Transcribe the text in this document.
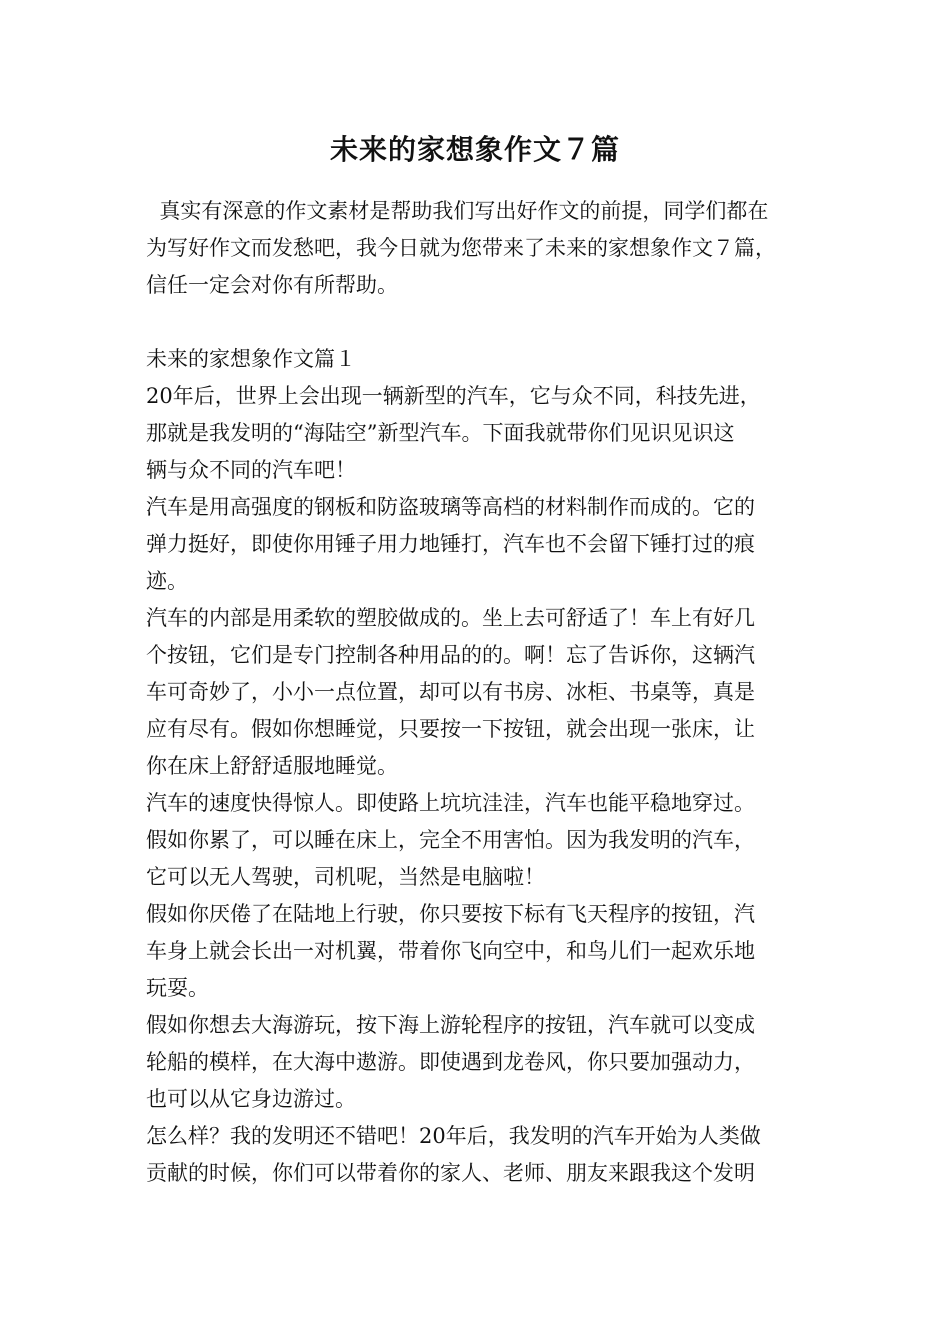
未来的家想象作文７篇
真实有深意的作文素材是帮助我们写出好作文的前提，同学们都在
为写好作文而发愁吧，我今日就为您带来了未来的家想象作文７篇，
信任一定会对你有所帮助。
未来的家想象作文篇１
20年后，世界上会出现一辆新型的汽车，它与众不同，科技先进，
那就是我发明的“海陆空”新型汽车。下面我就带你们见识见识这
辆与众不同的汽车吧！
汽车是用高强度的钢板和防盗玻璃等高档的材料制作而成的。它的
弹力挺好，即使你用锤子用力地锤打，汽车也不会留下锤打过的痕
迹。
汽车的内部是用柔软的塑胶做成的。坐上去可舒适了！车上有好几
个按钮，它们是专门控制各种用品的的。啊！忘了告诉你，这辆汽
车可奇妙了，小小一点位置，却可以有书房、冰柜、书桌等，真是
应有尽有。假如你想睡觉，只要按一下按钮，就会出现一张床，让
你在床上舒舒适服地睡觉。
汽车的速度快得惊人。即使路上坑坑洼洼，汽车也能平稳地穿过。
假如你累了，可以睡在床上，完全不用害怕。因为我发明的汽车，
它可以无人驾驶，司机呢，当然是电脑啦！
假如你厌倦了在陆地上行驶，你只要按下标有飞天程序的按钮，汽
车身上就会长出一对机翼，带着你飞向空中，和鸟儿们一起欢乐地
玩耍。
假如你想去大海游玩，按下海上游轮程序的按钮，汽车就可以变成
轮船的模样，在大海中遨游。即使遇到龙卷风，你只要加强动力，
也可以从它身边游过。
怎么样？我的发明还不错吧！20年后，我发明的汽车开始为人类做
贡献的时候，你们可以带着你的家人、老师、朋友来跟我这个发明
